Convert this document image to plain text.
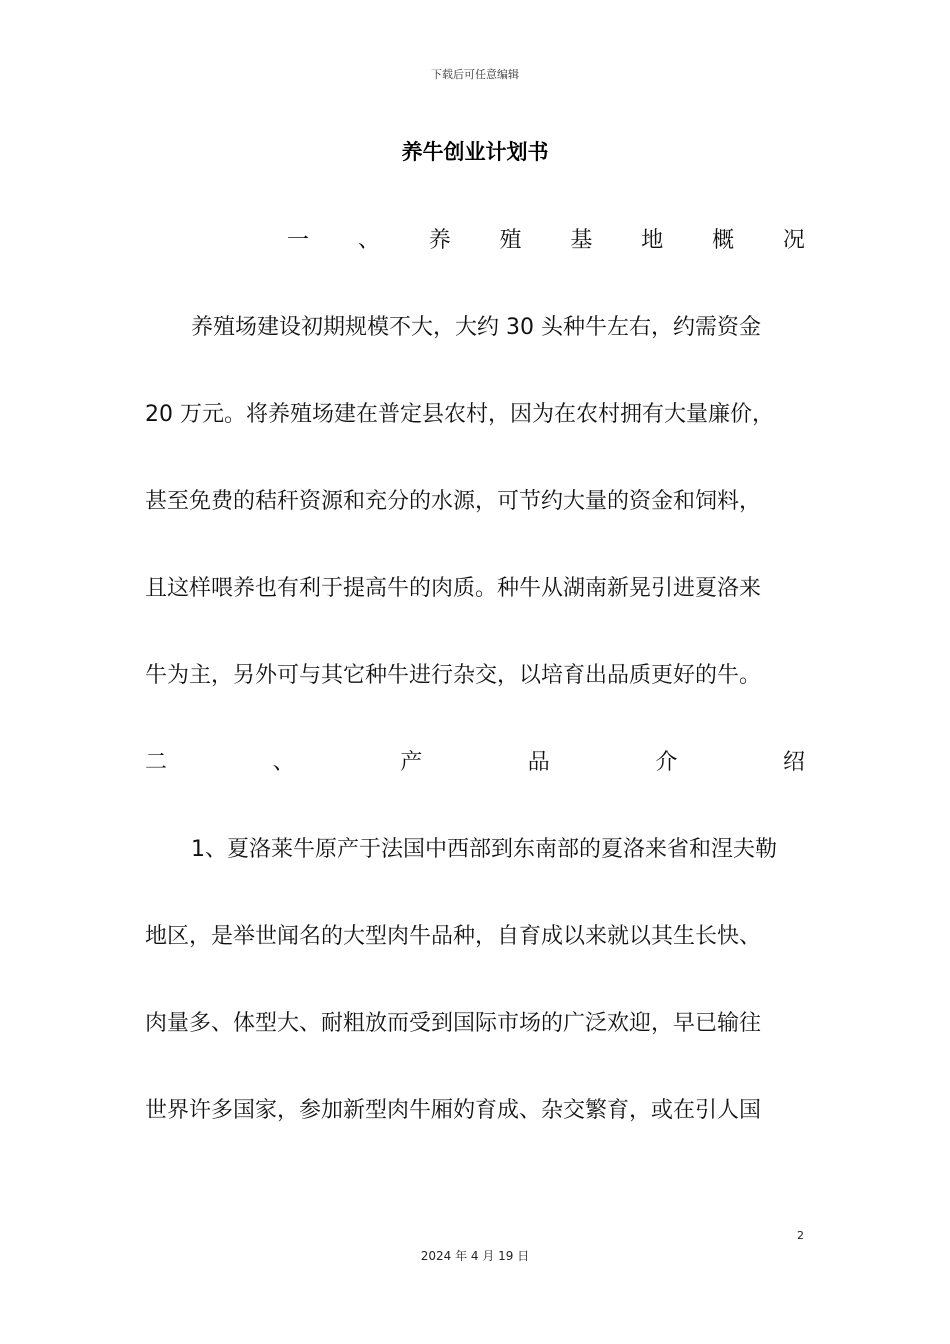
下载后可任意编辑
养牛创业计划书
一 、 养 殖 基 地 概 况
养殖场建设初期规模不大，大约 30 头种牛左右，约需资金
20 万元。将养殖场建在普定县农村，因为在农村拥有大量廉价，
甚至免费的秸秆资源和充分的水源，可节约大量的资金和饲料，
且这样喂养也有利于提高牛的肉质。种牛从湖南新晃引进夏洛来
牛为主，另外可与其它种牛进行杂交，以培育出品质更好的牛。
二	、	产	品	介	绍
1、夏洛莱牛原产于法国中西部到东南部的夏洛来省和涅夫勒
地区，是举世闻名的大型肉牛品种，自育成以来就以其生长快、
肉量多、体型大、耐粗放而受到国际市场的广泛欢迎，早已输往
世界许多国家，参加新型肉牛厢妁育成、杂交繁育，或在引人国
2
2024 年 4 月 19 日
